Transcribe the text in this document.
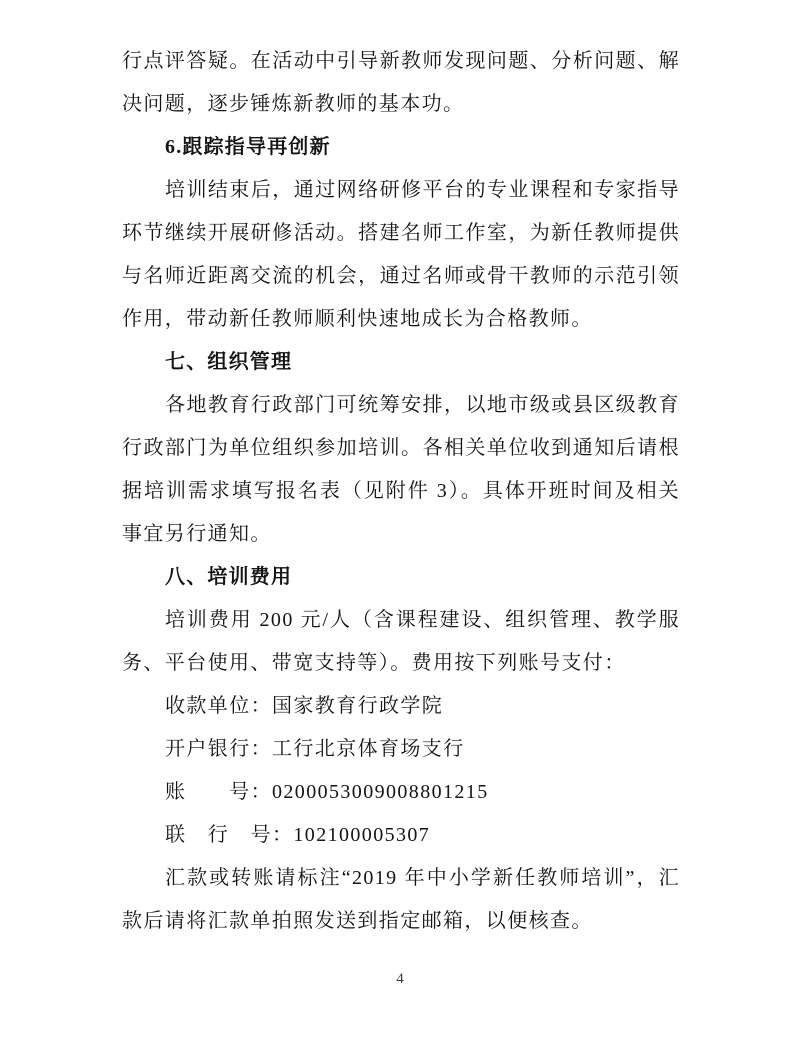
行点评答疑。在活动中引导新教师发现问题、分析问题、解
决问题，逐步锤炼新教师的基本功。
6.跟踪指导再创新
培训结束后，通过网络研修平台的专业课程和专家指导
环节继续开展研修活动。搭建名师工作室，为新任教师提供
与名师近距离交流的机会，通过名师或骨干教师的示范引领
作用，带动新任教师顺利快速地成长为合格教师。
七、组织管理
各地教育行政部门可统筹安排，以地市级或县区级教育
行政部门为单位组织参加培训。各相关单位收到通知后请根
据培训需求填写报名表（见附件 3）。具体开班时间及相关
事宜另行通知。
八、培训费用
培训费用 200 元/人（含课程建设、组织管理、教学服
务、平台使用、带宽支持等）。费用按下列账号支付：
收款单位：国家教育行政学院
开户银行：工行北京体育场支行
账　　号：0200053009008801215
联　行　号：102100005307
汇款或转账请标注“2019 年中小学新任教师培训”，汇
款后请将汇款单拍照发送到指定邮箱，以便核查。
4
